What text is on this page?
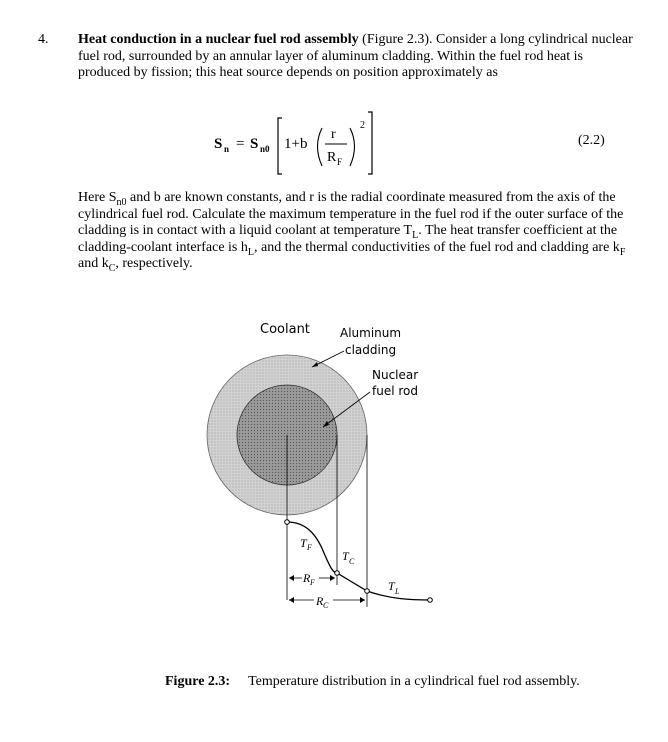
4. Heat conduction in a nuclear fuel rod assembly (Figure 2.3). Consider a long cylindrical nuclear fuel rod, surrounded by an annular layer of aluminum cladding. Within the fuel rod heat is produced by fission; this heat source depends on position approximately as
S n = S n0 1+b
r
R F
2
(2.2)
Here $S_{n0}$ and b are known constants, and r is the radial coordinate measured from the axis of the cylindrical fuel rod. Calculate the maximum temperature in the fuel rod if the outer surface of the cladding is in contact with a liquid coolant at temperature $T_L$. The heat transfer coefficient at the cladding-coolant interface is $h_L$, and the thermal conductivities of the fuel rod and cladding are $k_F$ and $k_C$, respectively.
Coolant	Aluminum
cladding
Nuclear
fuel rod
T F
T C
T L
R F
R C
Figure 2.3: Temperature distribution in a cylindrical fuel rod assembly.
